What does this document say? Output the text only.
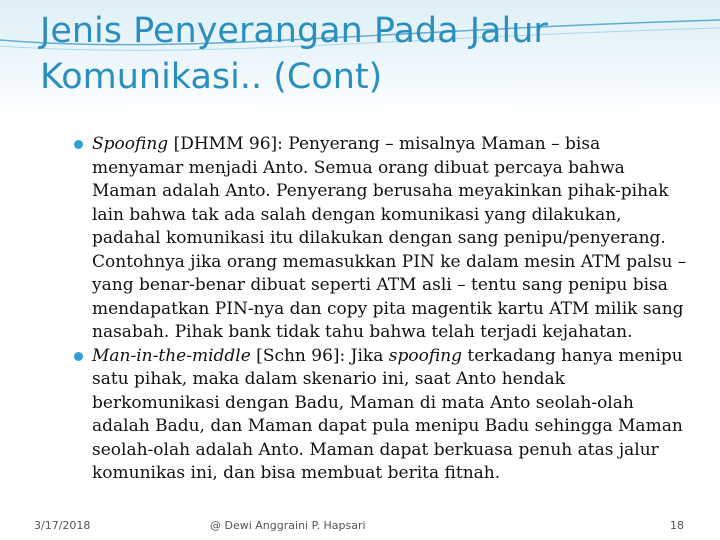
Jenis Penyerangan Pada Jalur Komunikasi.. (Cont)
Spoofing [DHMM 96]: Penyerang – misalnya Maman – bisa menyamar menjadi Anto. Semua orang dibuat percaya bahwa Maman adalah Anto. Penyerang berusaha meyakinkan pihak-pihak lain bahwa tak ada salah dengan komunikasi yang dilakukan, padahal komunikasi itu dilakukan dengan sang penipu/penyerang. Contohnya jika orang memasukkan PIN ke dalam mesin ATM palsu – yang benar-benar dibuat seperti ATM asli – tentu sang penipu bisa mendapatkan PIN-nya dan copy pita magentik kartu ATM milik sang nasabah. Pihak bank tidak tahu bahwa telah terjadi kejahatan.
Man-in-the-middle [Schn 96]: Jika spoofing terkadang hanya menipu satu pihak, maka dalam skenario ini, saat Anto hendak berkomunikasi dengan Badu, Maman di mata Anto seolah-olah adalah Badu, dan Maman dapat pula menipu Badu sehingga Maman seolah-olah adalah Anto. Maman dapat berkuasa penuh atas jalur komunikas ini, dan bisa membuat berita fitnah.
3/17/2018	@ Dewi Anggraini P. Hapsari	18
